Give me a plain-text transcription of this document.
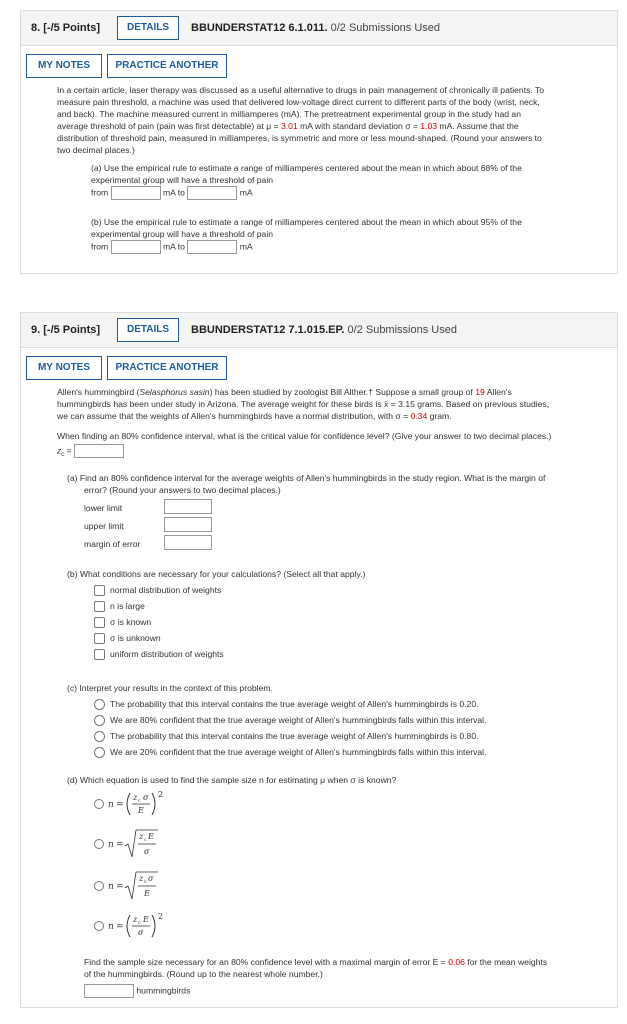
8. [-/5 Points]	DETAILS	BBUNDERSTAT12 6.1.011. 0/2 Submissions Used
MY NOTES	PRACTICE ANOTHER
In a certain article, laser therapy was discussed as a useful alternative to drugs in pain management of chronically ill patients. To
measure pain threshold, a machine was used that delivered low-voltage direct current to different parts of the body (wrist, neck,
and back). The machine measured current in milliamperes (mA). The pretreatment experimental group in the study had an
average threshold of pain (pain was first detectable) at μ = 3.01 mA with standard deviation σ = 1.03 mA. Assume that the
distribution of threshold pain, measured in milliamperes, is symmetric and more or less mound-shaped. (Round your answers to
two decimal places.)
(a) Use the empirical rule to estimate a range of milliamperes centered about the mean in which about 68% of the
experimental group will have a threshold of pain
from	mA to	mA
(b) Use the empirical rule to estimate a range of milliamperes centered about the mean in which about 95% of the
experimental group will have a threshold of pain
from	mA to	mA
9. [-/5 Points]	DETAILS	BBUNDERSTAT12 7.1.015.EP. 0/2 Submissions Used
MY NOTES	PRACTICE ANOTHER
Allen's hummingbird (Selasphorus sasin) has been studied by zoologist Bill Alther.† Suppose a small group of 19 Allen's
hummingbirds has been under study in Arizona. The average weight for these birds is x̄ = 3.15 grams. Based on previous studies,
we can assume that the weights of Allen's hummingbirds have a normal distribution, with σ = 0.34 gram.
When finding an 80% confidence interval, what is the critical value for confidence level? (Give your answer to two decimal places.)
$z_c$ =
(a) Find an 80% confidence interval for the average weights of Allen's hummingbirds in the study region. What is the margin of
error? (Round your answers to two decimal places.)
lower limit
upper limit
margin of error
(b) What conditions are necessary for your calculations? (Select all that apply.)
normal distribution of weights
n is large
σ is known
σ is unknown
uniform distribution of weights
(c) Interpret your results in the context of this problem.
The probability that this interval contains the true average weight of Allen's hummingbirds is 0.20.
We are 80% confident that the true average weight of Allen's hummingbirds falls within this interval.
The probability that this interval contains the true average weight of Allen's hummingbirds is 0.80.
We are 20% confident that the true average weight of Allen's hummingbirds falls within this interval.
(d) Which equation is used to find the sample size n for estimating μ when σ is known?
n =
z c σ
E
2
n =
z c E
σ
n =
z c σ
E
n =
z c E
σ
2
Find the sample size necessary for an 80% confidence level with a maximal margin of error E = 0.06 for the mean weights
of the hummingbirds. (Round up to the nearest whole number.)
hummingbirds
